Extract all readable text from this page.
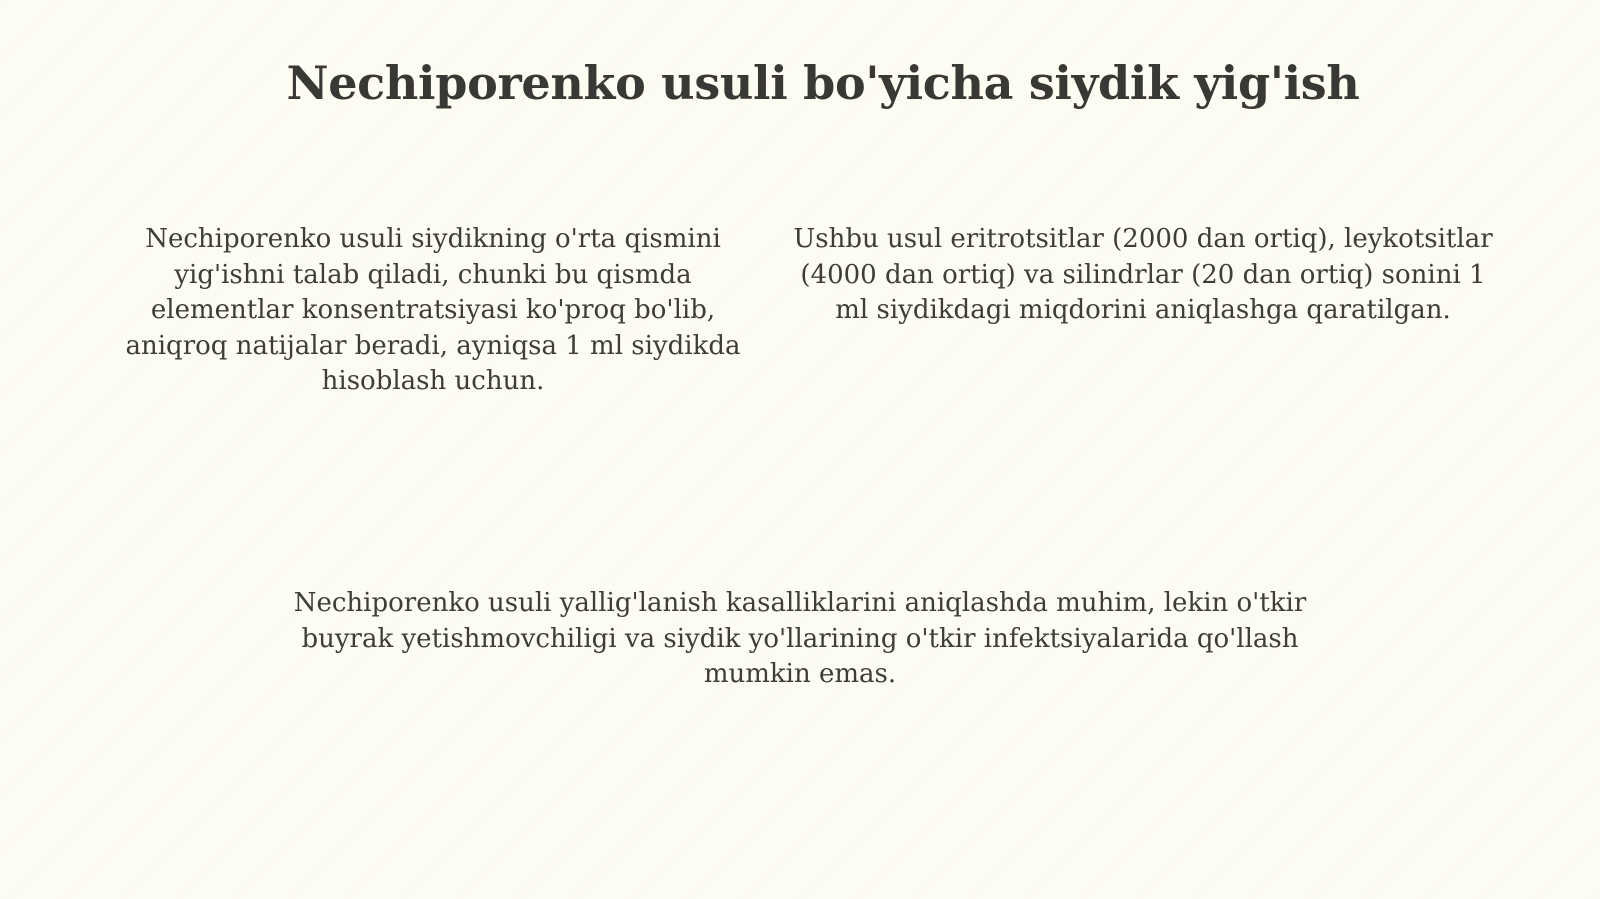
Nechiporenko usuli bo'yicha siydik yig'ish

Nechiporenko usuli siydikning o'rta qismini yig'ishni talab qiladi, chunki bu qismda elementlar konsentratsiyasi ko'proq bo'lib, aniqroq natijalar beradi, ayniqsa 1 ml siydikda hisoblash uchun.

Ushbu usul eritrotsitlar (2000 dan ortiq), leykotsitlar (4000 dan ortiq) va silindrlar (20 dan ortiq) sonini 1 ml siydikdagi miqdorini aniqlashga qaratilgan.

Nechiporenko usuli yallig'lanish kasalliklarini aniqlashda muhim, lekin o'tkir buyrak yetishmovchiligi va siydik yo'llarining o'tkir infektsiyalarida qo'llash mumkin emas.
